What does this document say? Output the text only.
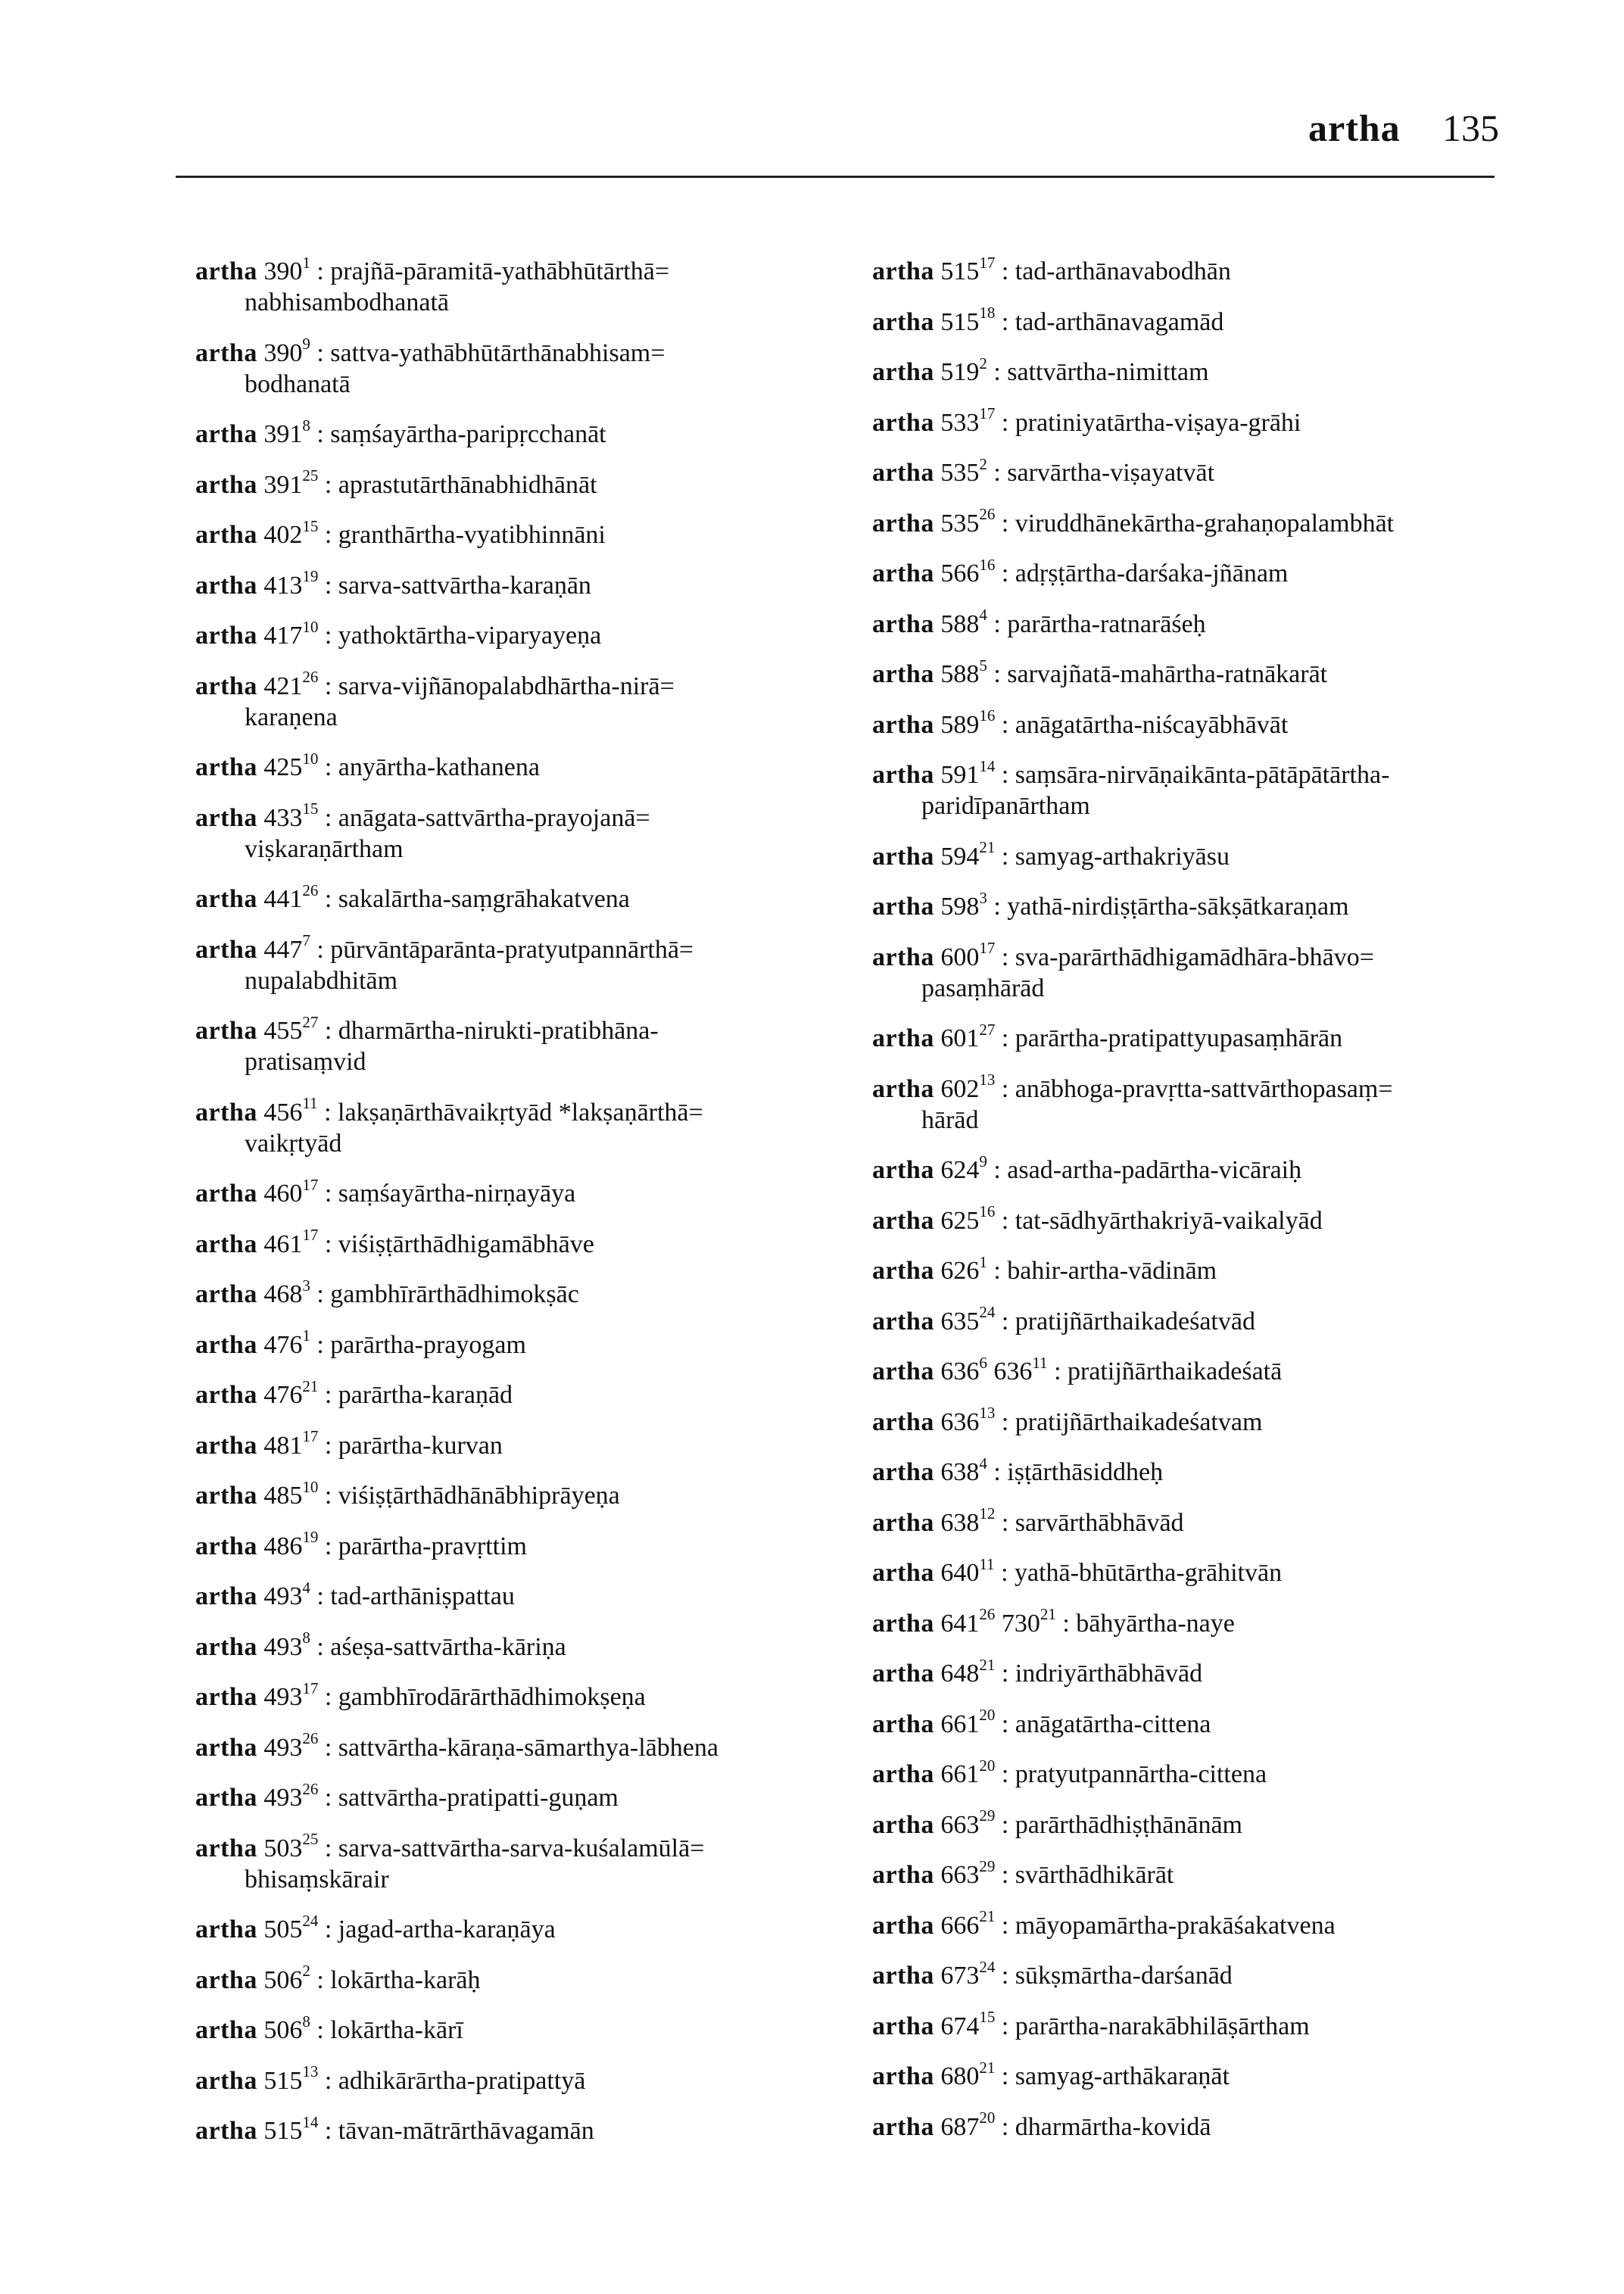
artha 135
artha $390^1$ : prajñā-pāramitā-yathābhūtārthā=
nabhisambodhanatā
artha $390^9$ : sattva-yathābhūtārthānabhisam=
bodhanatā
artha $391^8$ : saṃśayārtha-paripṛcchanāt
artha $391^{25}$ : aprastutārthānabhidhānāt
artha $402^{15}$ : granthārtha-vyatibhinnāni
artha $413^{19}$ : sarva-sattvārtha-karaṇān
artha $417^{10}$ : yathoktārtha-viparyayeṇa
artha $421^{26}$ : sarva-vijñānopalabdhārtha-nirā=
karaṇena
artha $425^{10}$ : anyārtha-kathanena
artha $433^{15}$ : anāgata-sattvārtha-prayojanā=
viṣkaraṇārtham
artha $441^{26}$ : sakalārtha-saṃgrāhakatvena
artha $447^7$ : pūrvāntāparānta-pratyutpannārthā=
nupalabdhitām
artha $455^{27}$ : dharmārtha-nirukti-pratibhāna-
pratisaṃvid
artha $456^{11}$ : lakṣaṇārthāvaikṛtyād *lakṣaṇārthā=
vaikṛtyād
artha $460^{17}$ : saṃśayārtha-nirṇayāya
artha $461^{17}$ : viśiṣṭārthādhigamābhāve
artha $468^3$ : gambhīrārthādhimokṣāc
artha $476^1$ : parārtha-prayogam
artha $476^{21}$ : parārtha-karaṇād
artha $481^{17}$ : parārtha-kurvan
artha $485^{10}$ : viśiṣṭārthādhānābhiprāyeṇa
artha $486^{19}$ : parārtha-pravṛttim
artha $493^4$ : tad-arthāniṣpattau
artha $493^8$ : aśeṣa-sattvārtha-kāriṇa
artha $493^{17}$ : gambhīrodārārthādhimokṣeṇa
artha $493^{26}$ : sattvārtha-kāraṇa-sāmarthya-lābhena
artha $493^{26}$ : sattvārtha-pratipatti-guṇam
artha $503^{25}$ : sarva-sattvārtha-sarva-kuśalamūlā=
bhisaṃskārair
artha $505^{24}$ : jagad-artha-karaṇāya
artha $506^2$ : lokārtha-karāḥ
artha $506^8$ : lokārtha-kārī
artha $515^{13}$ : adhikārārtha-pratipattyā
artha $515^{14}$ : tāvan-mātrārthāvagamān
artha $515^{17}$ : tad-arthānavabodhān
artha $515^{18}$ : tad-arthānavagamād
artha $519^2$ : sattvārtha-nimittam
artha $533^{17}$ : pratiniyatārtha-viṣaya-grāhi
artha $535^2$ : sarvārtha-viṣayatvāt
artha $535^{26}$ : viruddhānekārtha-grahaṇopalambhāt
artha $566^{16}$ : adṛṣṭārtha-darśaka-jñānam
artha $588^4$ : parārtha-ratnarāśeḥ
artha $588^5$ : sarvajñatā-mahārtha-ratnākarāt
artha $589^{16}$ : anāgatārtha-niścayābhāvāt
artha $591^{14}$ : saṃsāra-nirvāṇaikānta-pātāpātārtha-
paridīpanārtham
artha $594^{21}$ : samyag-arthakriyāsu
artha $598^3$ : yathā-nirdiṣṭārtha-sākṣātkaraṇam
artha $600^{17}$ : sva-parārthādhigamādhāra-bhāvo=
pasaṃhārād
artha $601^{27}$ : parārtha-pratipattyupasaṃhārān
artha $602^{13}$ : anābhoga-pravṛtta-sattvārthopasaṃ=
hārād
artha $624^9$ : asad-artha-padārtha-vicāraiḥ
artha $625^{16}$ : tat-sādhyārthakriyā-vaikalyād
artha $626^1$ : bahir-artha-vādinām
artha $635^{24}$ : pratijñārthaikadeśatvād
artha $636^6$ $636^{11}$ : pratijñārthaikadeśatā
artha $636^{13}$ : pratijñārthaikadeśatvam
artha $638^4$ : iṣṭārthāsiddheḥ
artha $638^{12}$ : sarvārthābhāvād
artha $640^{11}$ : yathā-bhūtārtha-grāhitvān
artha $641^{26}$ $730^{21}$ : bāhyārtha-naye
artha $648^{21}$ : indriyārthābhāvād
artha $661^{20}$ : anāgatārtha-cittena
artha $661^{20}$ : pratyutpannārtha-cittena
artha $663^{29}$ : parārthādhiṣṭhānānām
artha $663^{29}$ : svārthādhikārāt
artha $666^{21}$ : māyopamārtha-prakāśakatvena
artha $673^{24}$ : sūkṣmārtha-darśanād
artha $674^{15}$ : parārtha-narakābhilāṣārtham
artha $680^{21}$ : samyag-arthākaraṇāt
artha $687^{20}$ : dharmārtha-kovidā
